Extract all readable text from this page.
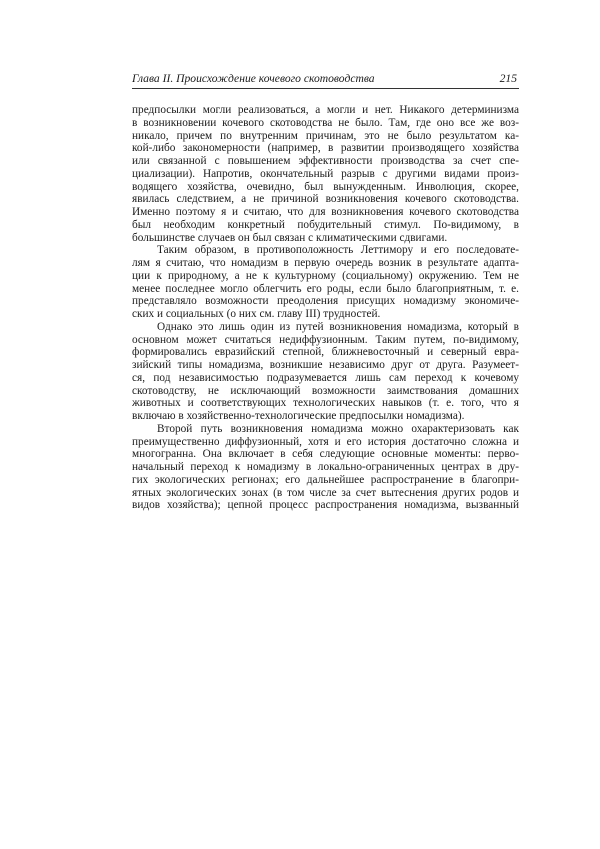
Глава II. Происхождение кочевого скотоводства	215
предпосылки могли реализоваться, а могли и нет. Никакого детерминизма
в возникновении кочевого скотоводства не было. Там, где оно все же воз-
никало, причем по внутренним причинам, это не было результатом ка-
кой-либо закономерности (например, в развитии производящего хозяйства
или связанной с повышением эффективности производства за счет спе-
циализации). Напротив, окончательный разрыв с другими видами произ-
водящего хозяйства, очевидно, был вынужденным. Инволюция, скорее,
явилась следствием, а не причиной возникновения кочевого скотоводства.
Именно поэтому я и считаю, что для возникновения кочевого скотоводства
был необходим конкретный побудительный стимул. По-видимому, в
большинстве случаев он был связан с климатическими сдвигами.
Таким образом, в противоположность Леттимору и его последовате-
лям я считаю, что номадизм в первую очередь возник в результате адапта-
ции к природному, а не к культурному (социальному) окружению. Тем не
менее последнее могло облегчить его роды, если было благоприятным, т. е.
представляло возможности преодоления присущих номадизму экономиче-
ских и социальных (о них см. главу III) трудностей.
Однако это лишь один из путей возникновения номадизма, который в
основном может считаться недиффузионным. Таким путем, по-видимому,
формировались евразийский степной, ближневосточный и северный евра-
зийский типы номадизма, возникшие независимо друг от друга. Разумеет-
ся, под независимостью подразумевается лишь сам переход к кочевому
скотоводству, не исключающий возможности заимствования домашних
животных и соответствующих технологических навыков (т. е. того, что я
включаю в хозяйственно-технологические предпосылки номадизма).
Второй путь возникновения номадизма можно охарактеризовать как
преимущественно диффузионный, хотя и его история достаточно сложна и
многогранна. Она включает в себя следующие основные моменты: перво-
начальный переход к номадизму в локально-ограниченных центрах в дру-
гих экологических регионах; его дальнейшее распространение в благопри-
ятных экологических зонах (в том числе за счет вытеснения других родов и
видов хозяйства); цепной процесс распространения номадизма, вызванный
